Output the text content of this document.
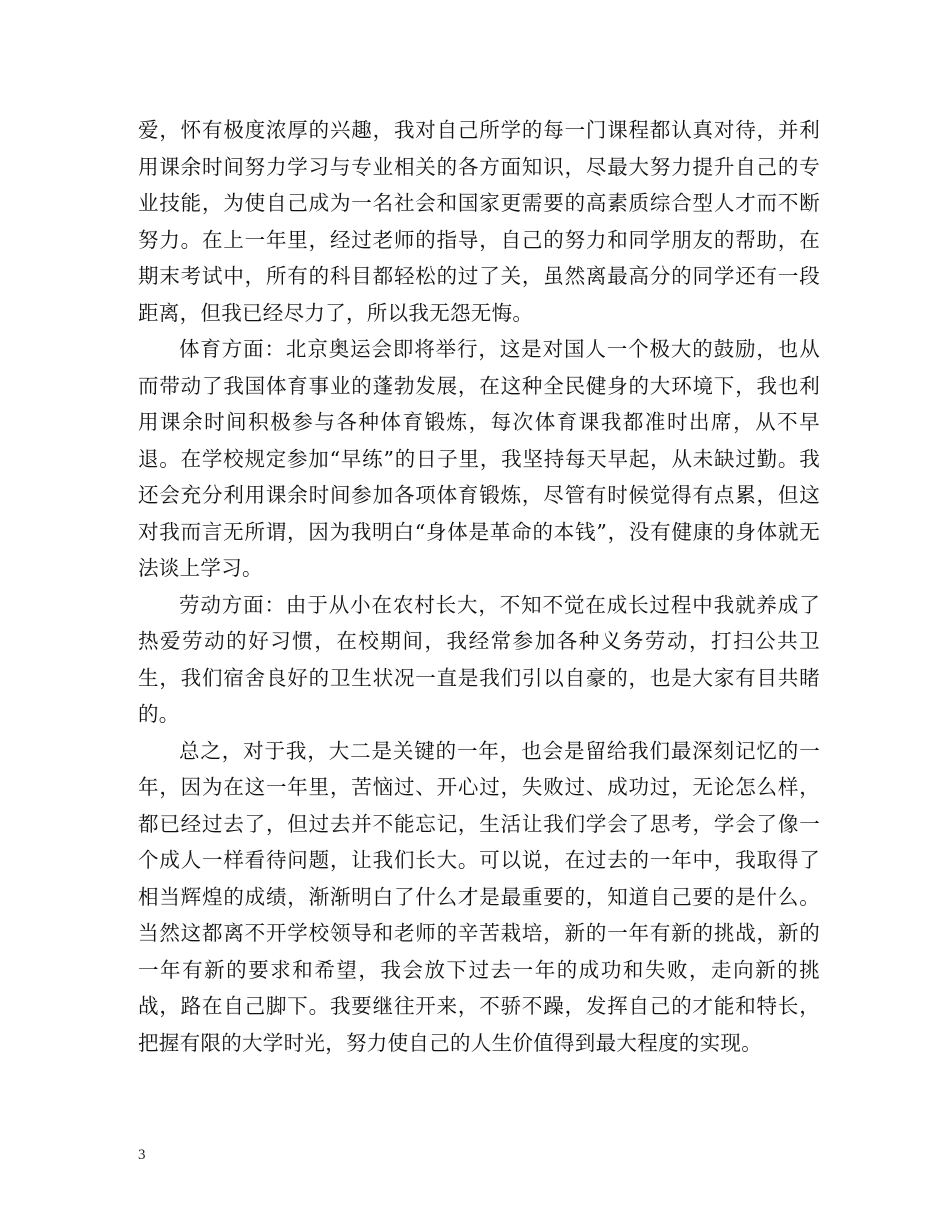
爱，怀有极度浓厚的兴趣，我对自己所学的每一门课程都认真对待，并利用课余时间努力学习与专业相关的各方面知识，尽最大努力提升自己的专业技能，为使自己成为一名社会和国家更需要的高素质综合型人才而不断努力。在上一年里，经过老师的指导，自己的努力和同学朋友的帮助，在期末考试中，所有的科目都轻松的过了关，虽然离最高分的同学还有一段距离，但我已经尽力了，所以我无怨无悔。

体育方面：北京奥运会即将举行，这是对国人一个极大的鼓励，也从而带动了我国体育事业的蓬勃发展，在这种全民健身的大环境下，我也利用课余时间积极参与各种体育锻炼，每次体育课我都准时出席，从不早退。在学校规定参加“早练”的日子里，我坚持每天早起，从未缺过勤。我还会充分利用课余时间参加各项体育锻炼，尽管有时候觉得有点累，但这对我而言无所谓，因为我明白“身体是革命的本钱”，没有健康的身体就无法谈上学习。

劳动方面：由于从小在农村长大，不知不觉在成长过程中我就养成了热爱劳动的好习惯，在校期间，我经常参加各种义务劳动，打扫公共卫生，我们宿舍良好的卫生状况一直是我们引以自豪的，也是大家有目共睹的。

总之，对于我，大二是关键的一年，也会是留给我们最深刻记忆的一年，因为在这一年里，苦恼过、开心过，失败过、成功过，无论怎么样，都已经过去了，但过去并不能忘记，生活让我们学会了思考，学会了像一个成人一样看待问题，让我们长大。可以说，在过去的一年中，我取得了相当辉煌的成绩，渐渐明白了什么才是最重要的，知道自己要的是什么。当然这都离不开学校领导和老师的辛苦栽培，新的一年有新的挑战，新的一年有新的要求和希望，我会放下过去一年的成功和失败，走向新的挑战，路在自己脚下。我要继往开来，不骄不躁，发挥自己的才能和特长，把握有限的大学时光，努力使自己的人生价值得到最大程度的实现。

3
